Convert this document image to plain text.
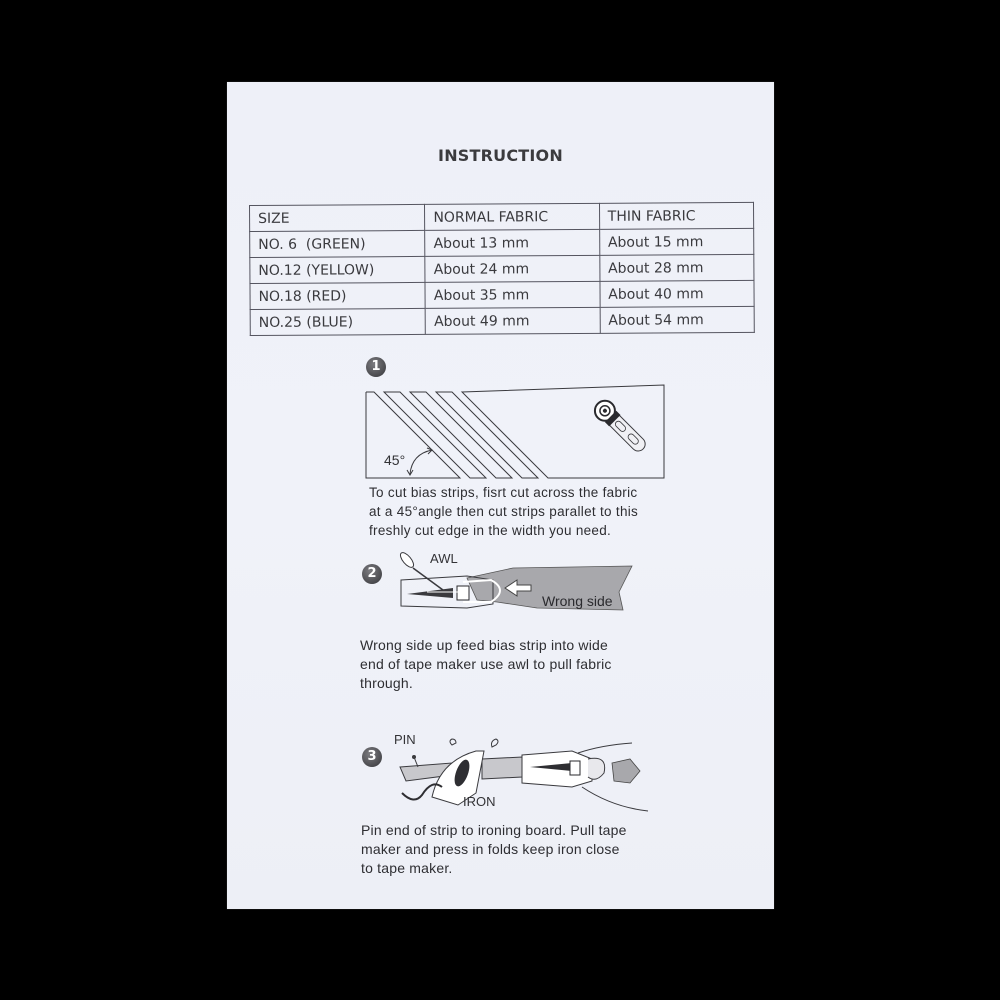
INSTRUCTION
SIZE	NORMAL FABRIC	THIN FABRIC
NO. 6  (GREEN)	About 13 mm	About 15 mm
NO.12 (YELLOW)	About 24 mm	About 28 mm
NO.18 (RED)	About 35 mm	About 40 mm
NO.25 (BLUE)	About 49 mm	About 54 mm
1
45°
To cut bias strips, fisrt cut across the fabric
at a 45°angle then cut strips parallet to this
freshly cut edge in the width you need.
2
AWL
Wrong side
Wrong side up feed bias strip into wide
end of tape maker use awl to pull fabric
through.
3
PIN
IRON
Pin end of strip to ironing board. Pull tape
maker and press in folds keep iron close
to tape maker.
